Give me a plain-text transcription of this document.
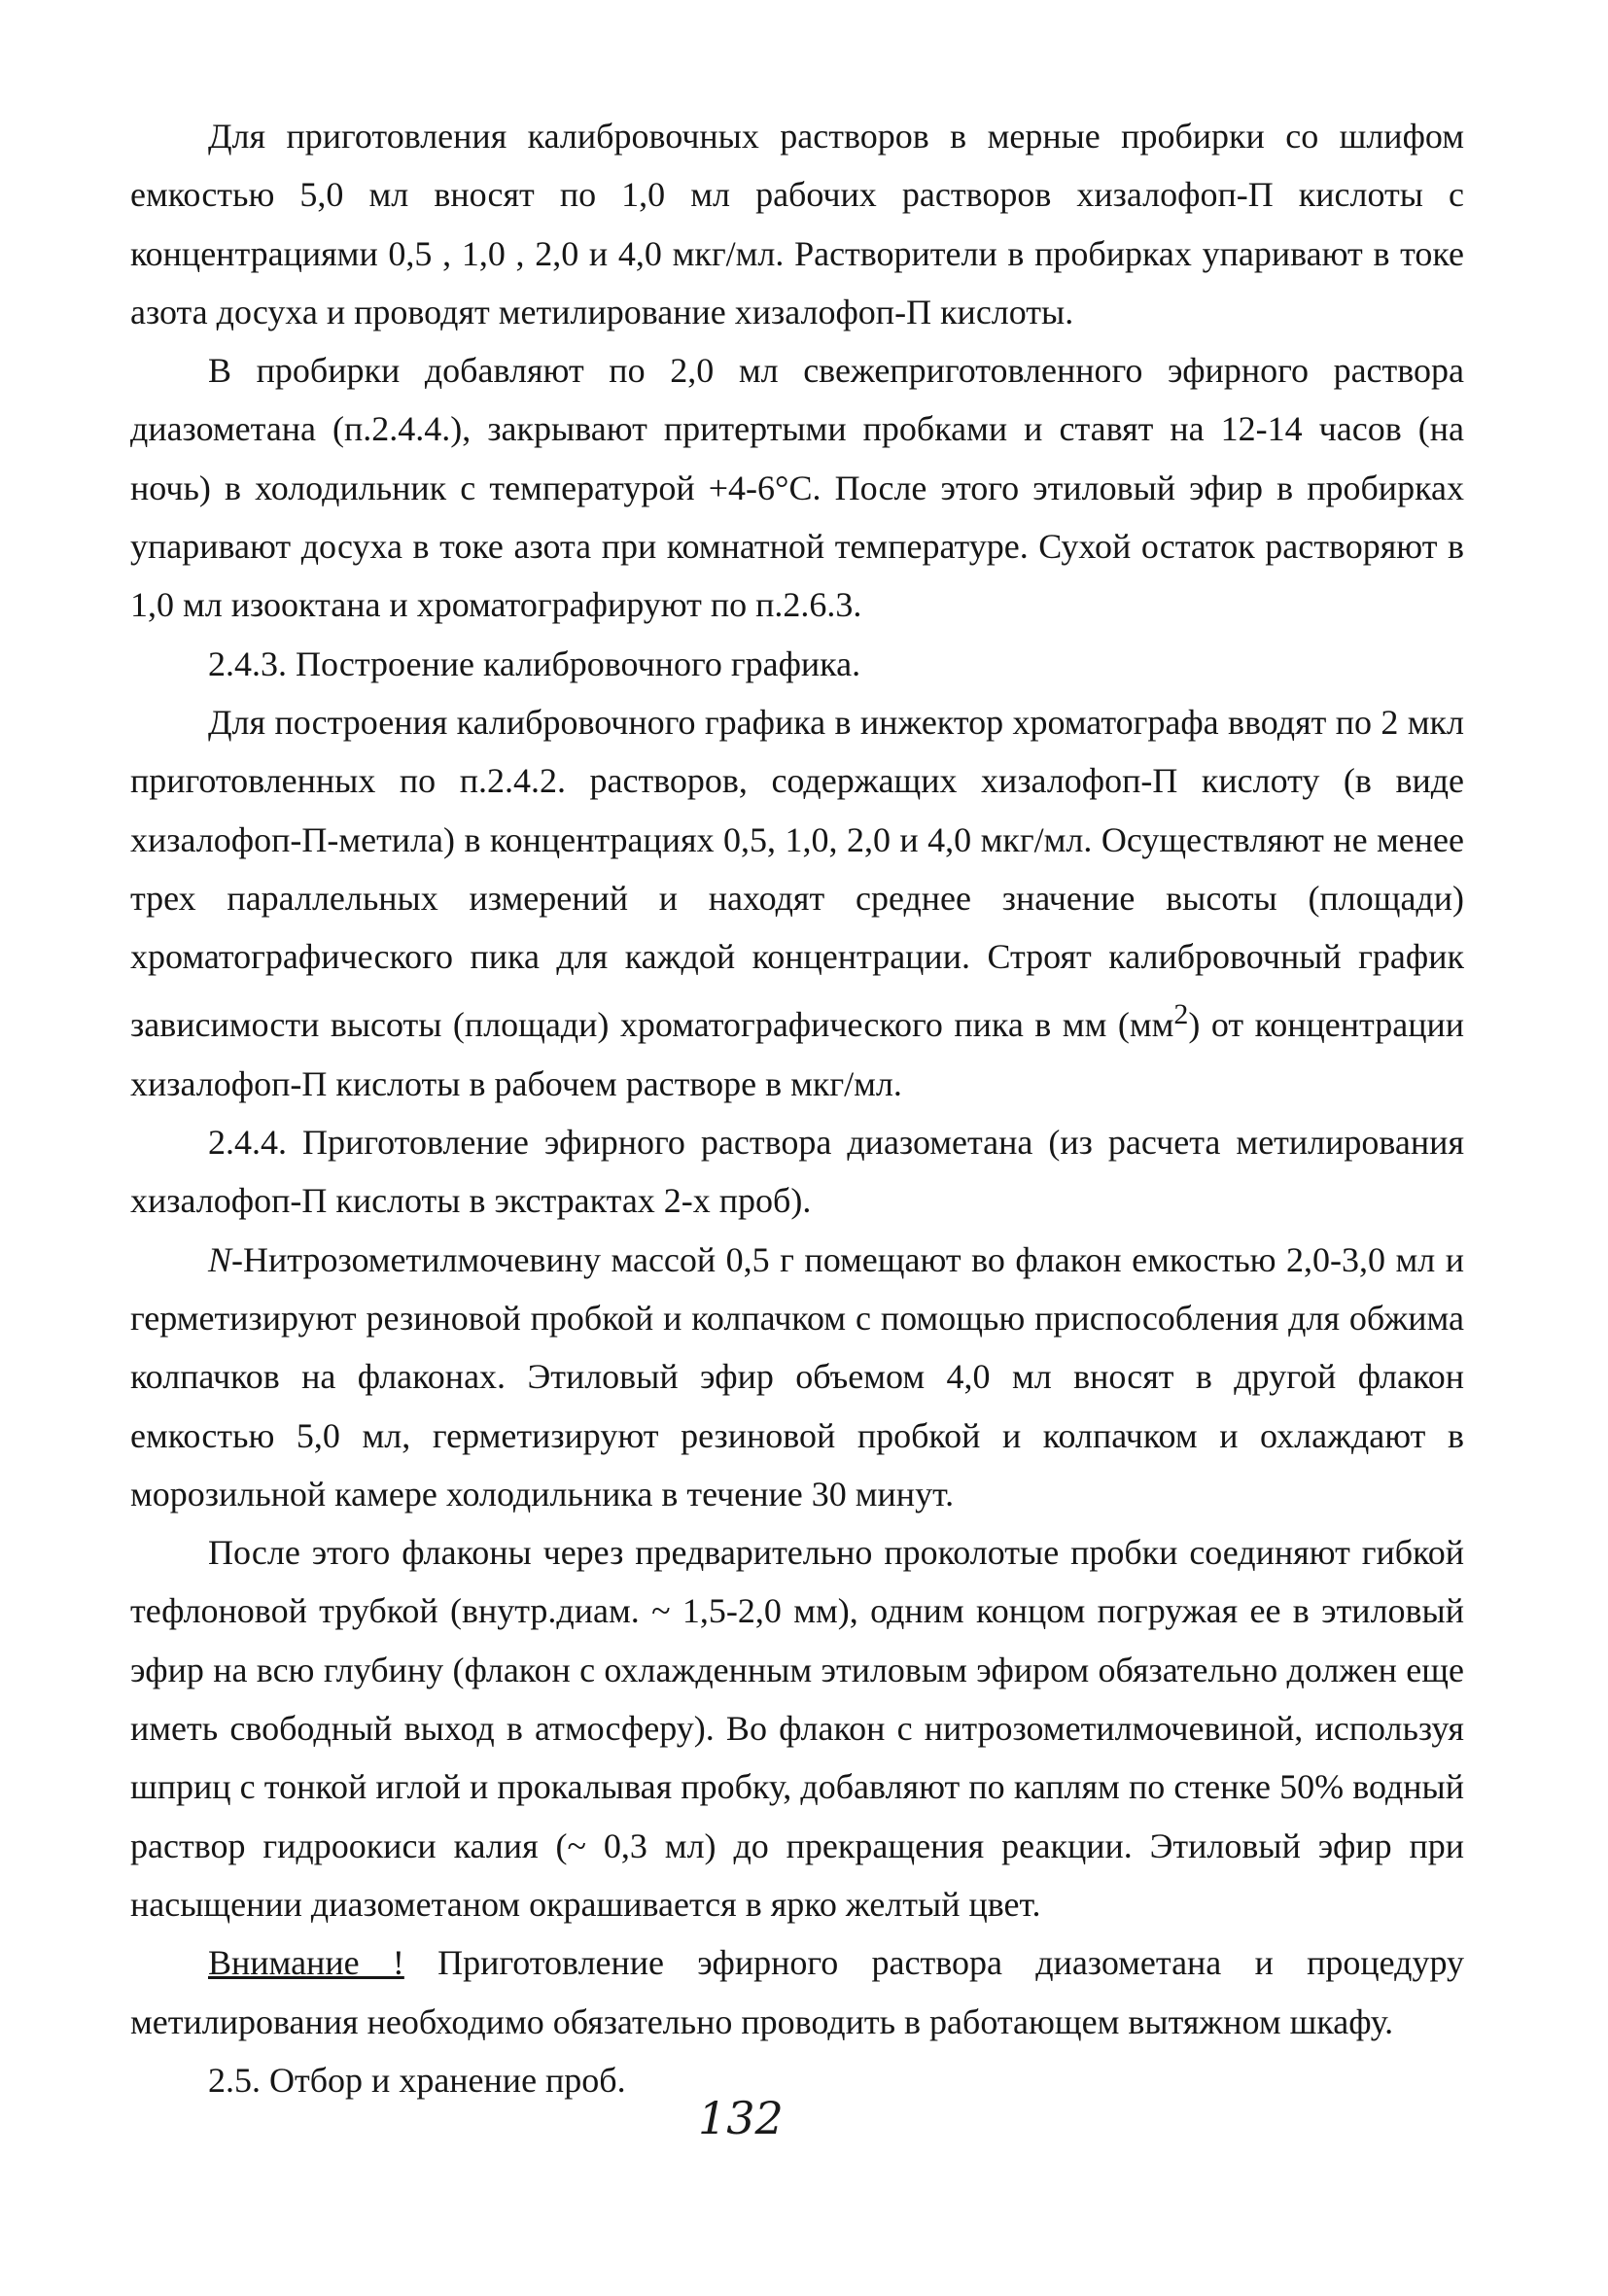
Для приготовления калибровочных растворов в мерные пробирки со шлифом емкостью 5,0 мл вносят по 1,0 мл рабочих растворов хизалофоп-П кислоты с концентрациями 0,5 , 1,0 , 2,0 и 4,0 мкг/мл. Растворители в пробирках упаривают в токе азота досуха и проводят метилирование хизалофоп-П кислоты.

В пробирки добавляют по 2,0 мл свежеприготовленного эфирного раствора диазометана (п.2.4.4.), закрывают притертыми пробками и ставят на 12-14 часов (на ночь) в холодильник с температурой +4-6°С. После этого этиловый эфир в пробирках упаривают досуха в токе азота при комнатной температуре. Сухой остаток растворяют в 1,0 мл изооктана и хроматографируют по п.2.6.3.

2.4.3. Построение калибровочного графика.

Для построения калибровочного графика в инжектор хроматографа вводят по 2 мкл приготовленных по п.2.4.2. растворов, содержащих хизалофоп-П кислоту (в виде хизалофоп-П-метила) в концентрациях 0,5, 1,0, 2,0 и 4,0 мкг/мл. Осуществляют не менее трех параллельных измерений и находят среднее значение высоты (площади) хроматографического пика для каждой концентрации. Строят калибровочный график зависимости высоты (площади) хроматографического пика в мм $(мм^2)$ от концентрации хизалофоп-П кислоты в рабочем растворе в мкг/мл.

2.4.4. Приготовление эфирного раствора диазометана (из расчета метилирования хизалофоп-П кислоты в экстрактах 2-х проб).

N-Нитрозометилмочевину массой 0,5 г помещают во флакон емкостью 2,0-3,0 мл и герметизируют резиновой пробкой и колпачком с помощью приспособления для обжима колпачков на флаконах. Этиловый эфир объемом 4,0 мл вносят в другой флакон емкостью 5,0 мл, герметизируют резиновой пробкой и колпачком и охлаждают в морозильной камере холодильника в течение 30 минут.

После этого флаконы через предварительно проколотые пробки соединяют гибкой тефлоновой трубкой (внутр.диам. ~ 1,5-2,0 мм), одним концом погружая ее в этиловый эфир на всю глубину (флакон с охлажденным этиловым эфиром обязательно должен еще иметь свободный выход в атмосферу). Во флакон с нитрозометилмочевиной, используя шприц с тонкой иглой и прокалывая пробку, добавляют по каплям по стенке 50% водный раствор гидроокиси калия (~ 0,3 мл) до прекращения реакции. Этиловый эфир при насыщении диазометаном окрашивается в ярко желтый цвет.

Внимание ! Приготовление эфирного раствора диазометана и процедуру метилирования необходимо обязательно проводить в работающем вытяжном шкафу.

2.5. Отбор и хранение проб.

132
